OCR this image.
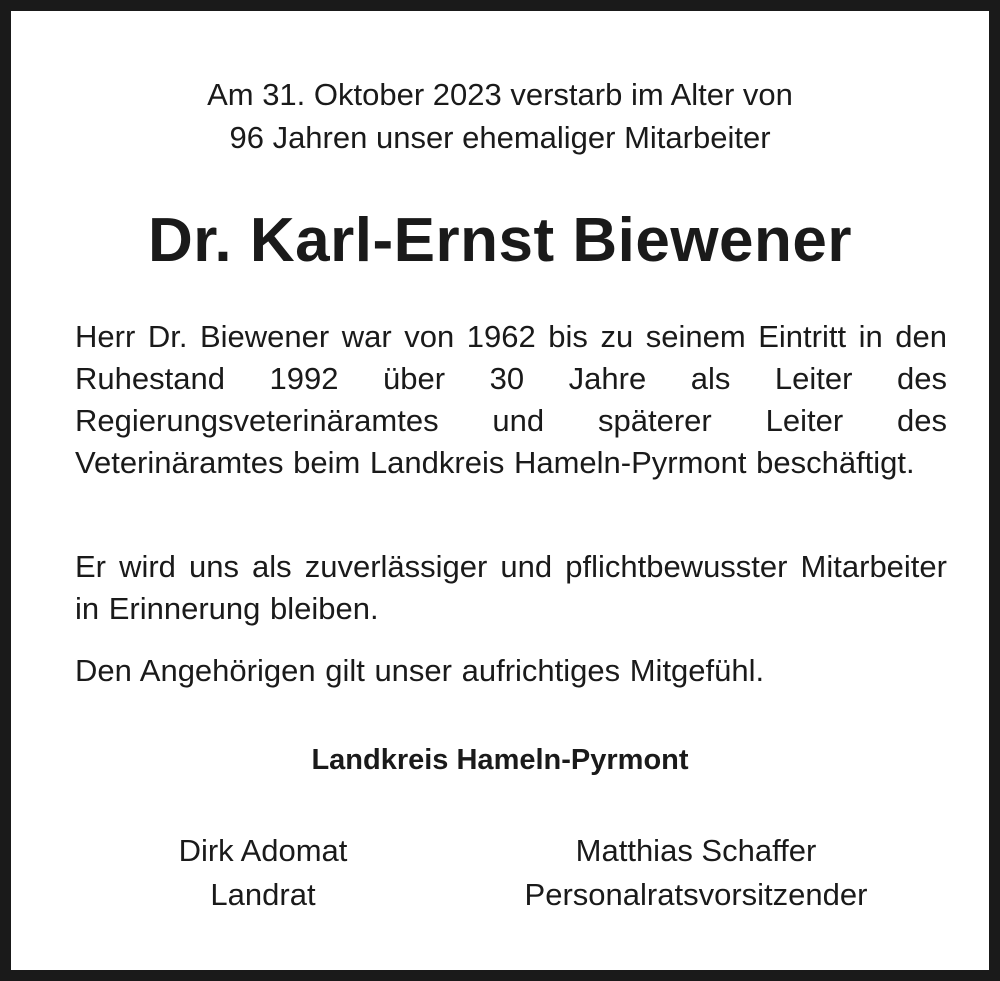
Am 31. Oktober 2023 verstarb im Alter von
96 Jahren unser ehemaliger Mitarbeiter
Dr. Karl-Ernst Biewener
Herr Dr. Biewener war von 1962 bis zu seinem Eintritt in den Ruhestand 1992 über 30 Jahre als Leiter des Regierungsveterinäramtes und späterer Leiter des Veterinäramtes beim Landkreis Hameln-Pyrmont beschäftigt.
Er wird uns als zuverlässiger und pflichtbewusster Mitarbeiter in Erinnerung bleiben.
Den Angehörigen gilt unser aufrichtiges Mitgefühl.
Landkreis Hameln-Pyrmont
Dirk Adomat
Landrat
Matthias Schaffer
Personalratsvorsitzender
